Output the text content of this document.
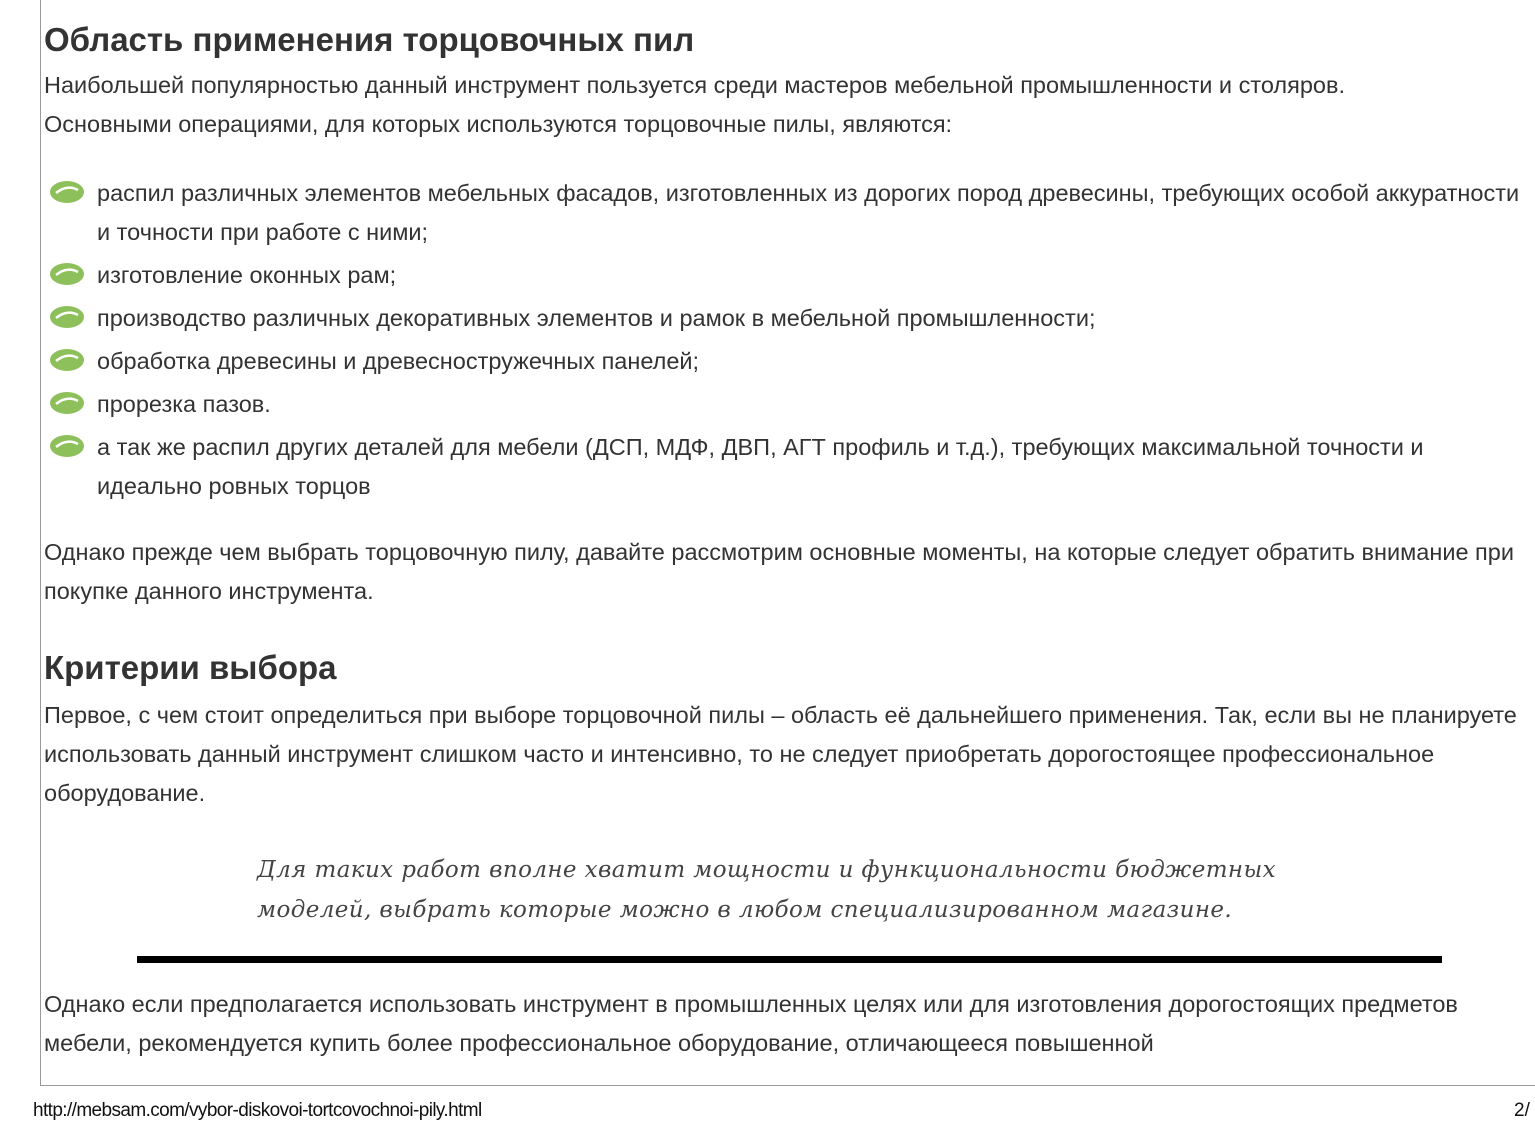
Область применения торцовочных пил

Наибольшей популярностью данный инструмент пользуется среди мастеров мебельной промышленности и столяров.

Основными операциями, для которых используются торцовочные пилы, являются:

распил различных элементов мебельных фасадов, изготовленных из дорогих пород древесины, требующих особой аккуратности и точности при работе с ними;
изготовление оконных рам;
производство различных декоративных элементов и рамок в мебельной промышленности;
обработка древесины и древесностружечных панелей;
прорезка пазов.
а так же распил других деталей для мебели (ДСП, МДФ, ДВП, АГТ профиль и т.д.), требующих максимальной точности и идеально ровных торцов

Однако прежде чем выбрать торцовочную пилу, давайте рассмотрим основные моменты, на которые следует обратить внимание при покупке данного инструмента.

Критерии выбора

Первое, с чем стоит определиться при выборе торцовочной пилы – область её дальнейшего применения. Так, если вы не планируете использовать данный инструмент слишком часто и интенсивно, то не следует приобретать дорогостоящее профессиональное оборудование.

Для таких работ вполне хватит мощности и функциональности бюджетных моделей, выбрать которые можно в любом специализированном магазине.

Однако если предполагается использовать инструмент в промышленных целях или для изготовления дорогостоящих предметов мебели, рекомендуется купить более профессиональное оборудование, отличающееся повышенной

http://mebsam.com/vybor-diskovoi-tortcovochnoi-pily.html	2/
